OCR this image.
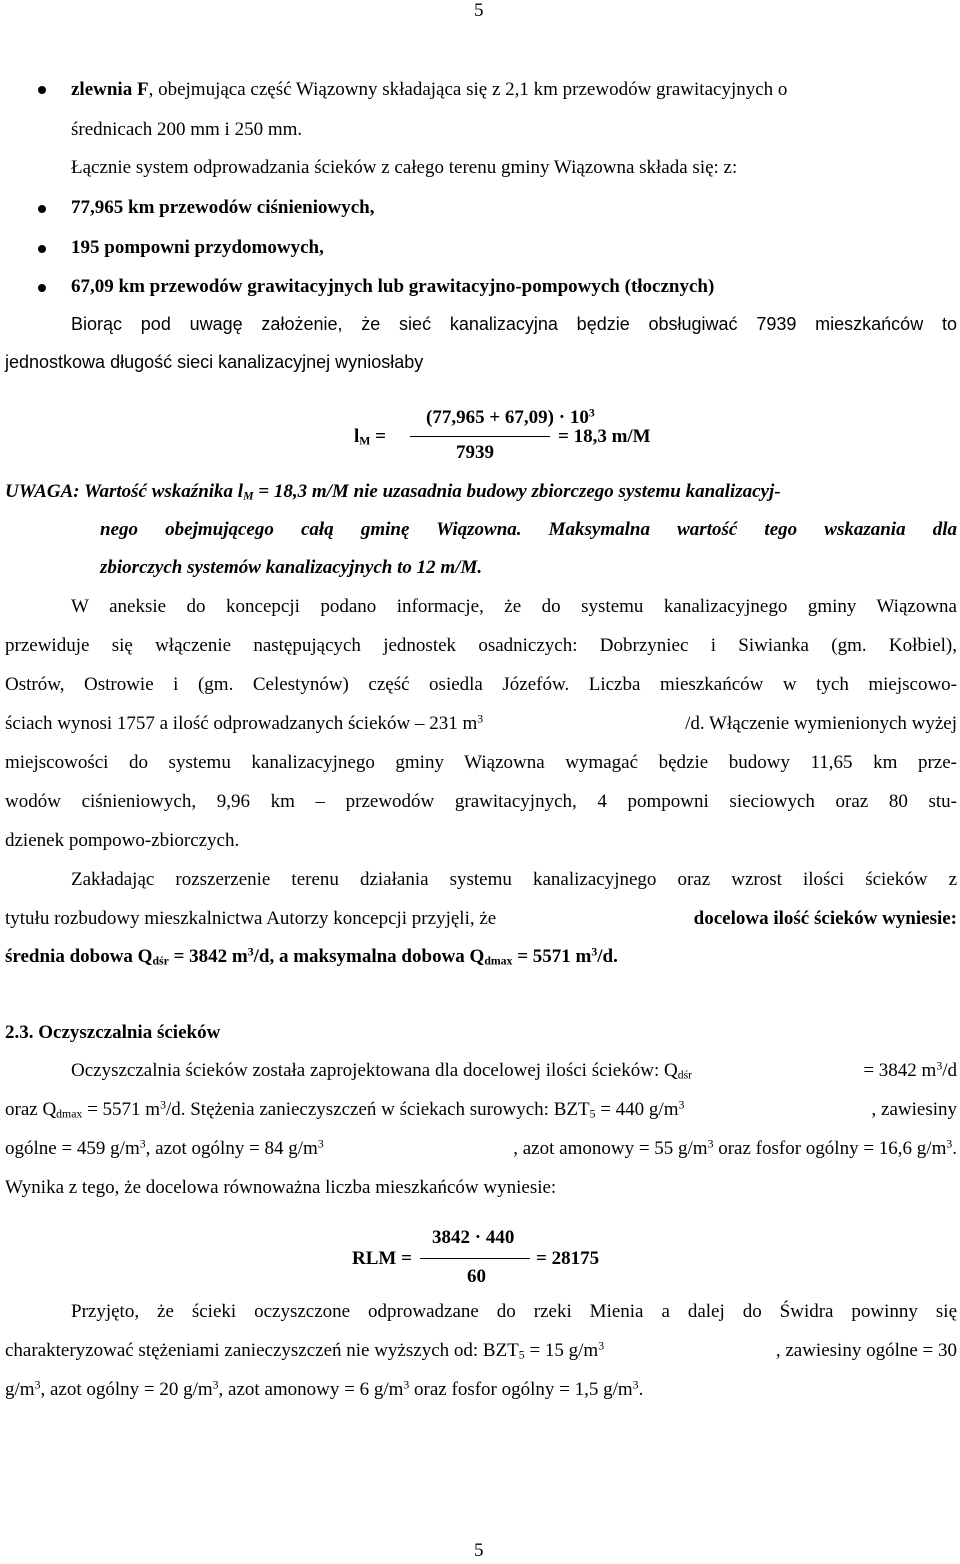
5
5
zlewnia F, obejmująca część Wiązowny składająca się z 2,1 km przewodów grawitacyjnych o
średnicach 200 mm i 250 mm.
Łącznie system odprowadzania ścieków z całego terenu gminy Wiązowna składa się: z:
77,965 km przewodów ciśnieniowych,
195 pompowni przydomowych,
67,09 km przewodów grawitacyjnych lub grawitacyjno-pompowych (tłocznych)
Biorąc pod uwagę założenie, że sieć kanalizacyjna będzie obsługiwać 7939 mieszkańców to
jednostkowa długość sieci kanalizacyjnej wyniosłaby
$l_M$ =
$(77,965 + 67,09) \cdot 10^3$
7939
= 18,3 m/M
UWAGA: Wartość wskaźnika $l_M = 18,3$ m/M nie uzasadnia budowy zbiorczego systemu kanalizacyj-
nego obejmującego całą gminę Wiązowna. Maksymalna wartość tego wskazania dla
zbiorczych systemów kanalizacyjnych to 12 m/M.
W aneksie do koncepcji podano informacje, że do systemu kanalizacyjnego gminy Wiązowna
przewiduje się włączenie następujących jednostek osadniczych: Dobrzyniec i Siwianka (gm. Kołbiel),
Ostrów, Ostrowie i (gm. Celestynów) część osiedla Józefów. Liczba mieszkańców w tych miejscowo-
ściach wynosi 1757 a ilość odprowadzanych ścieków – 231 $m^3$	/d. Włączenie wymienionych wyżej
miejscowości do systemu kanalizacyjnego gminy Wiązowna wymagać będzie budowy 11,65 km prze-
wodów ciśnieniowych, 9,96 km – przewodów grawitacyjnych, 4 pompowni sieciowych oraz 80 stu-
dzienek pompowo-zbiorczych.
Zakładając rozszerzenie terenu działania systemu kanalizacyjnego oraz wzrost ilości ścieków z
tytułu rozbudowy mieszkalnictwa Autorzy koncepcji przyjęli, że	docelowa ilość ścieków wyniesie:
średnia dobowa $Q_{dśr} = 3842$ $m^3/d$, a maksymalna dobowa $Q_{dmax} = 5571$ $m^3/d$.
2.3. Oczyszczalnia ścieków
Oczyszczalnia ścieków została zaprojektowana dla docelowej ilości ścieków: $Q_{dśr}$	= 3842 $m^3/d$
oraz $Q_{dmax} = 5571$ $m^3/d$. Stężenia zanieczyszczeń w ściekach surowych: $BZT_5 = 440$ $g/m^3$	, zawiesiny
ogólne = 459 $g/m^3$, azot ogólny = 84 $g/m^3$	, azot amonowy = 55 $g/m^3$ oraz fosfor ogólny = 16,6 $g/m^3$.
Wynika z tego, że docelowa równoważna liczba mieszkańców wyniesie:
RLM =
3842 · 440
60
= 28175
Przyjęto, że ścieki oczyszczone odprowadzane do rzeki Mienia a dalej do Świdra powinny się
charakteryzować stężeniami zanieczyszczeń nie wyższych od: $BZT_5 = 15$ $g/m^3$	, zawiesiny ogólne = 30
$g/m^3$, azot ogólny = 20 $g/m^3$, azot amonowy = 6 $g/m^3$ oraz fosfor ogólny = 1,5 $g/m^3$.
